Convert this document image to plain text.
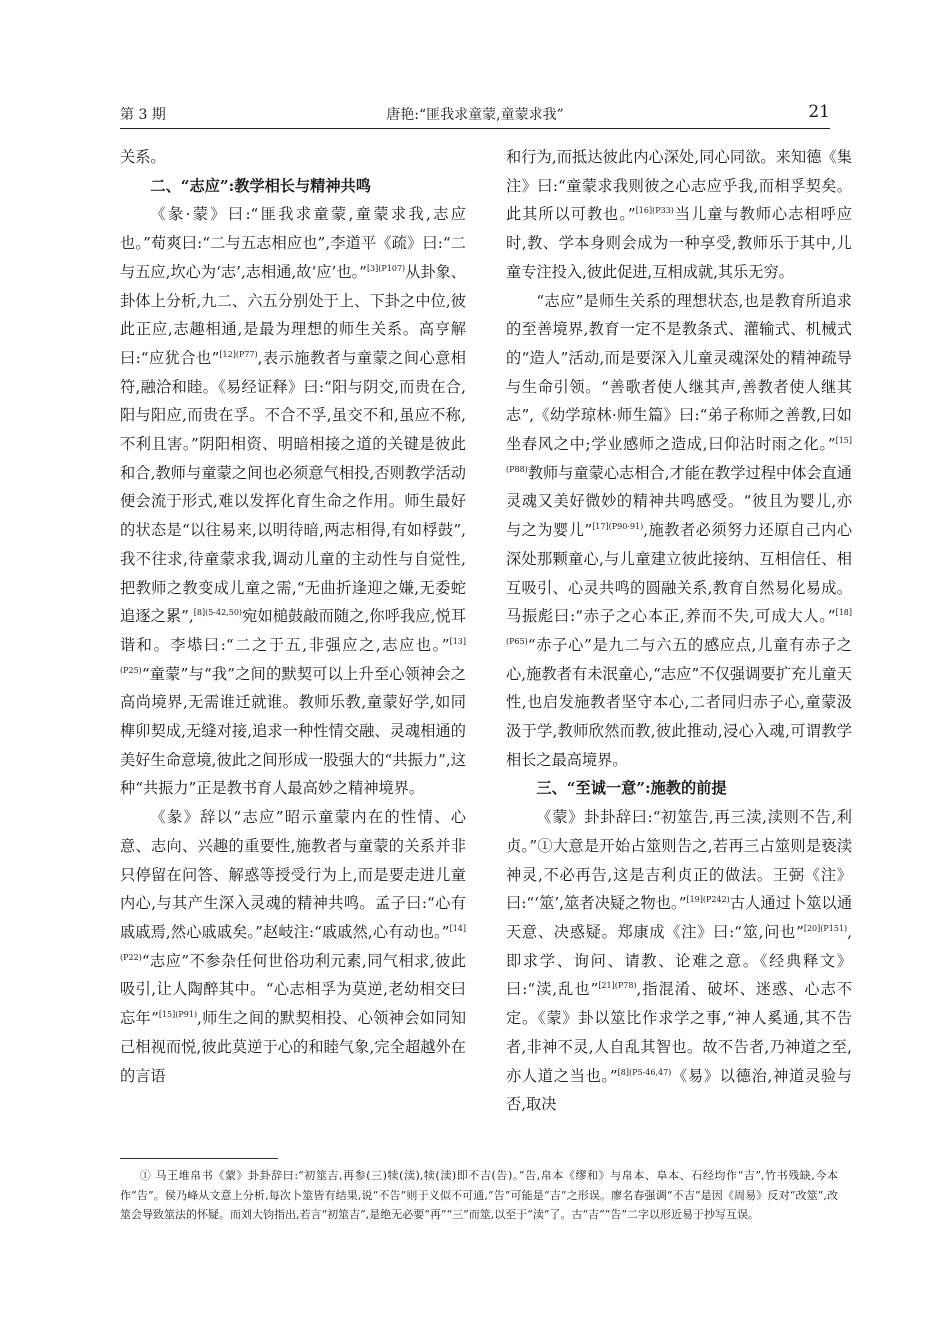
第 3 期	唐艳:“匪我求童蒙,童蒙求我”	21

关系。

二、“志应”:教学相长与精神共鸣

《彖·蒙》曰:“匪我求童蒙,童蒙求我,志应也。”荀爽曰:“二与五志相应也”,李道平《疏》曰:“二与五应,坎心为‘志’,志相通,故‘应’也。”$^{[3](P107)}$从卦象、卦体上分析,九二、六五分别处于上、下卦之中位,彼此正应,志趣相通,是最为理想的师生关系。高亨解曰:“应犹合也”$^{[12](P77)}$,表示施教者与童蒙之间心意相符,融洽和睦。《易经证释》曰:“阳与阴交,而贵在合,阳与阳应,而贵在孚。不合不孚,虽交不和,虽应不称,不利且害。”阴阳相资、明暗相接之道的关键是彼此和合,教师与童蒙之间也必须意气相投,否则教学活动便会流于形式,难以发挥化育生命之作用。师生最好的状态是“以往易来,以明待暗,两志相得,有如桴鼓”,我不往求,待童蒙求我,调动儿童的主动性与自觉性,把教师之教变成儿童之需,“无曲折逢迎之嫌,无委蛇追逐之累”,$^{[8](5-42,50)}$宛如槌鼓敲而随之,你呼我应,悦耳谐和。李塨曰:“二之于五,非强应之,志应也。”$^{[13](P25)}$“童蒙”与“我”之间的默契可以上升至心领神会之高尚境界,无需谁迁就谁。教师乐教,童蒙好学,如同榫卯契成,无缝对接,追求一种性情交融、灵魂相通的美好生命意境,彼此之间形成一股强大的“共振力”,这种“共振力”正是教书育人最高妙之精神境界。

《彖》辞以“志应”昭示童蒙内在的性情、心意、志向、兴趣的重要性,施教者与童蒙的关系并非只停留在问答、解惑等授受行为上,而是要走进儿童内心,与其产生深入灵魂的精神共鸣。孟子曰:“心有戚戚焉,然心戚戚矣。”赵岐注:“戚戚然,心有动也。”$^{[14](P22)}$“志应”不参杂任何世俗功利元素,同气相求,彼此吸引,让人陶醉其中。“心志相孚为莫逆,老幼相交曰忘年”$^{[15](P91)}$,师生之间的默契相投、心领神会如同知己相视而悦,彼此莫逆于心的和睦气象,完全超越外在的言语

和行为,而抵达彼此内心深处,同心同欲。来知德《集注》曰:“童蒙求我则彼之心志应乎我,而相孚契矣。此其所以可教也。”$^{[16](P33)}$当儿童与教师心志相呼应时,教、学本身则会成为一种享受,教师乐于其中,儿童专注投入,彼此促进,互相成就,其乐无穷。

“志应”是师生关系的理想状态,也是教育所追求的至善境界,教育一定不是教条式、灌输式、机械式的“造人”活动,而是要深入儿童灵魂深处的精神疏导与生命引领。“善歌者使人继其声,善教者使人继其志”,《幼学琼林·师生篇》曰:“弟子称师之善教,曰如坐春风之中;学业感师之造成,曰仰沾时雨之化。”$^{[15](P88)}$教师与童蒙心志相合,才能在教学过程中体会直通灵魂又美好微妙的精神共鸣感受。“彼且为婴儿,亦与之为婴儿”$^{[17](P90-91)}$,施教者必须努力还原自己内心深处那颗童心,与儿童建立彼此接纳、互相信任、相互吸引、心灵共鸣的圆融关系,教育自然易化易成。马振彪曰:“赤子之心本正,养而不失,可成大人。”$^{[18](P65)}$“赤子心”是九二与六五的感应点,儿童有赤子之心,施教者有未泯童心,“志应”不仅强调要扩充儿童天性,也启发施教者坚守本心,二者同归赤子心,童蒙汲汲于学,教师欣然而教,彼此推动,浸心入魂,可谓教学相长之最高境界。

三、“至诚一意”:施教的前提

《蒙》卦卦辞曰:“初筮告,再三渎,渎则不告,利贞。”①大意是开始占筮则告之,若再三占筮则是亵渎神灵,不必再告,这是吉利贞正的做法。王弼《注》曰:“‘筮’,筮者决疑之物也。”$^{[19](P242)}$古人通过卜筮以通天意、决惑疑。郑康成《注》曰:“筮,问也”$^{[20](P151)}$,即求学、询问、请教、论难之意。《经典释文》曰:“渎,乱也”$^{[21](P78)}$,指混淆、破坏、迷惑、心志不定。《蒙》卦以筮比作求学之事,“神人奚通,其不告者,非神不灵,人自乱其智也。故不告者,乃神道之至,亦人道之当也。”$^{[8](P5-46,47)}$《易》以德治,神道灵验与否,取决

① 马王堆帛书《蒙》卦卦辞曰:“初筮吉,再参(三)犊(渎),犊(渎)即不吉(告)。”告,帛本《缪和》与帛本、阜本、石经均作“吉”,竹书残缺,今本作“告”。侯乃峰从文意上分析,每次卜筮皆有结果,说“不告”则于义似不可通,“告”可能是“吉”之形误。廖名春强调“不吉”是因《周易》反对“改筮”,改筮会导致筮法的怀疑。而刘大钧指出,若言“初筮吉”,是绝无必要“再”“三”而筮,以至于“渎”了。古“吉”“告”二字以形近易于抄写互误。
